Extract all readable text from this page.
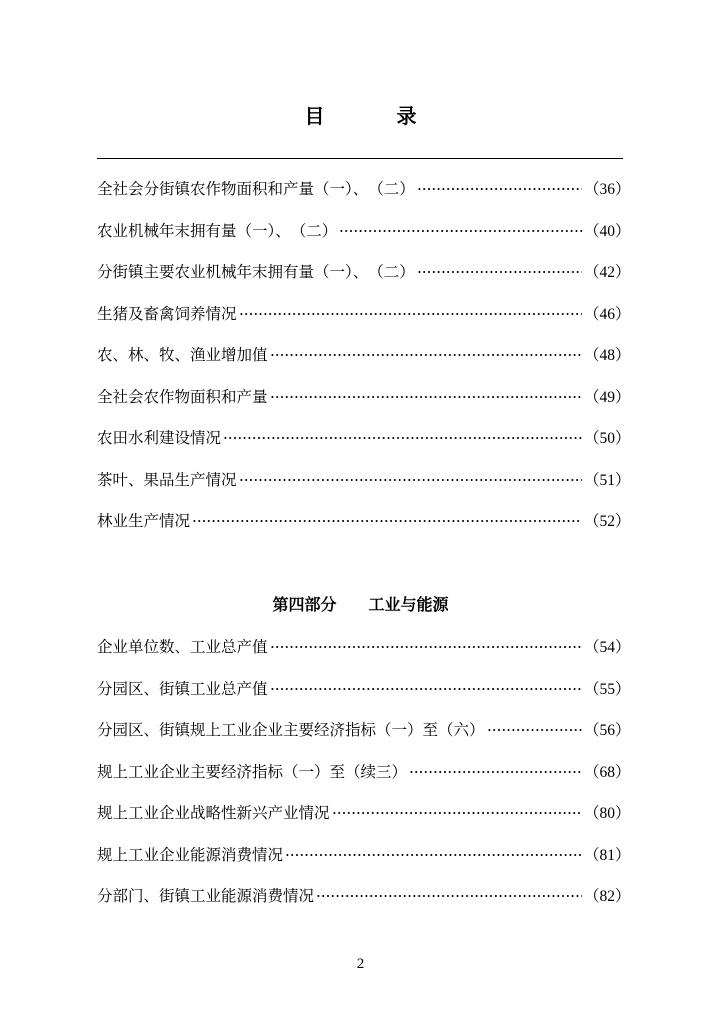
目　录
全社会分街镇农作物面积和产量（一）、　（二）	（36）
农业机械年末拥有量（一）、　（二）	（40）
分街镇主要农业机械年末拥有量（一）、　（二）	（42）
生猪及畜禽饲养情况	（46）
农、林、牧、渔业增加值	（48）
全社会农作物面积和产量	（49）
农田水利建设情况	（50）
茶叶、果品生产情况	（51）
林业生产情况	（52）
第四部分　　工业与能源
企业单位数、工业总产值	（54）
分园区、街镇工业总产值	（55）
分园区、街镇规上工业企业主要经济指标（一）至（六）	（56）
规上工业企业主要经济指标（一）至（续三）	（68）
规上工业企业战略性新兴产业情况	（80）
规上工业企业能源消费情况	（81）
分部门、街镇工业能源消费情况	（82）
2
